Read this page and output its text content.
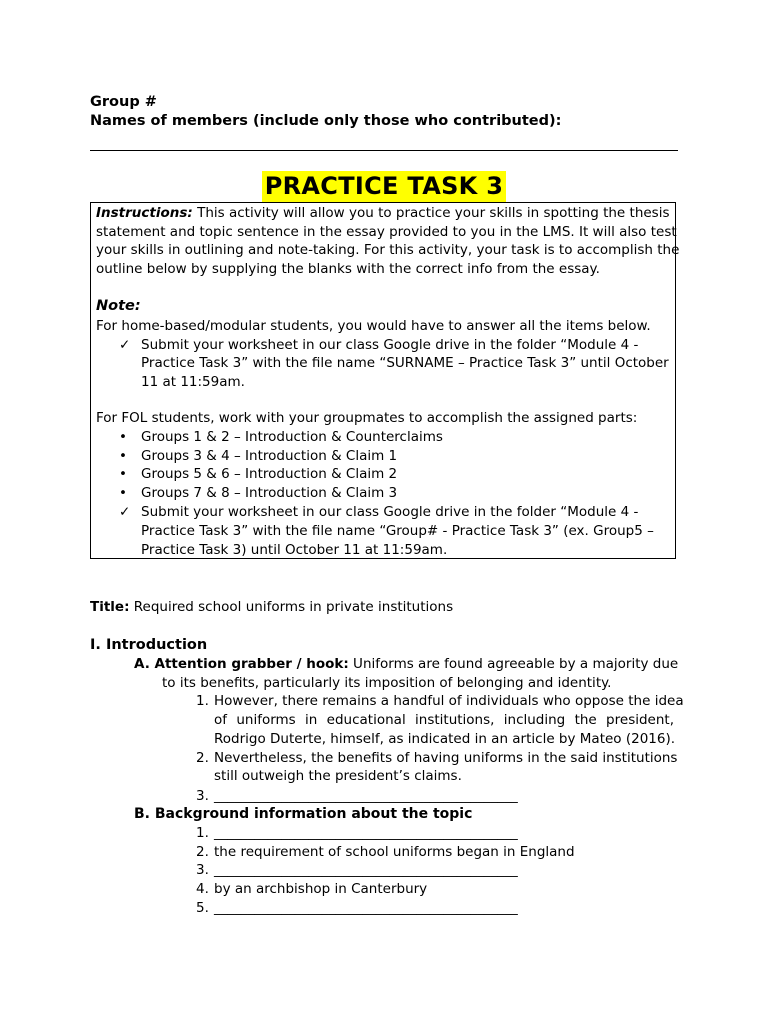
Group #
Names of members (include only those who contributed):
PRACTICE TASK 3
Instructions: This activity will allow you to practice your skills in spotting the thesis
statement and topic sentence in the essay provided to you in the LMS. It will also test
your skills in outlining and note-taking. For this activity, your task is to accomplish the
outline below by supplying the blanks with the correct info from the essay.
Note:
For home-based/modular students, you would have to answer all the items below.
✓ Submit your worksheet in our class Google drive in the folder “Module 4 -
Practice Task 3” with the file name “SURNAME – Practice Task 3” until October
11 at 11:59am.
For FOL students, work with your groupmates to accomplish the assigned parts:
• Groups 1 & 2 – Introduction & Counterclaims
• Groups 3 & 4 – Introduction & Claim 1
• Groups 5 & 6 – Introduction & Claim 2
• Groups 7 & 8 – Introduction & Claim 3
✓ Submit your worksheet in our class Google drive in the folder “Module 4 -
Practice Task 3” with the file name “Group# - Practice Task 3” (ex. Group5 –
Practice Task 3) until October 11 at 11:59am.
Title: Required school uniforms in private institutions
I. Introduction
A. Attention grabber / hook: Uniforms are found agreeable by a majority due
to its benefits, particularly its imposition of belonging and identity.
1. However, there remains a handful of individuals who oppose the idea
of uniforms in educational institutions, including the president,
Rodrigo Duterte, himself, as indicated in an article by Mateo (2016).
2. Nevertheless, the benefits of having uniforms in the said institutions
still outweigh the president’s claims.
3. _____________________________________________
B. Background information about the topic
1. _____________________________________________
2. the requirement of school uniforms began in England
3. _____________________________________________
4. by an archbishop in Canterbury
5. _____________________________________________
